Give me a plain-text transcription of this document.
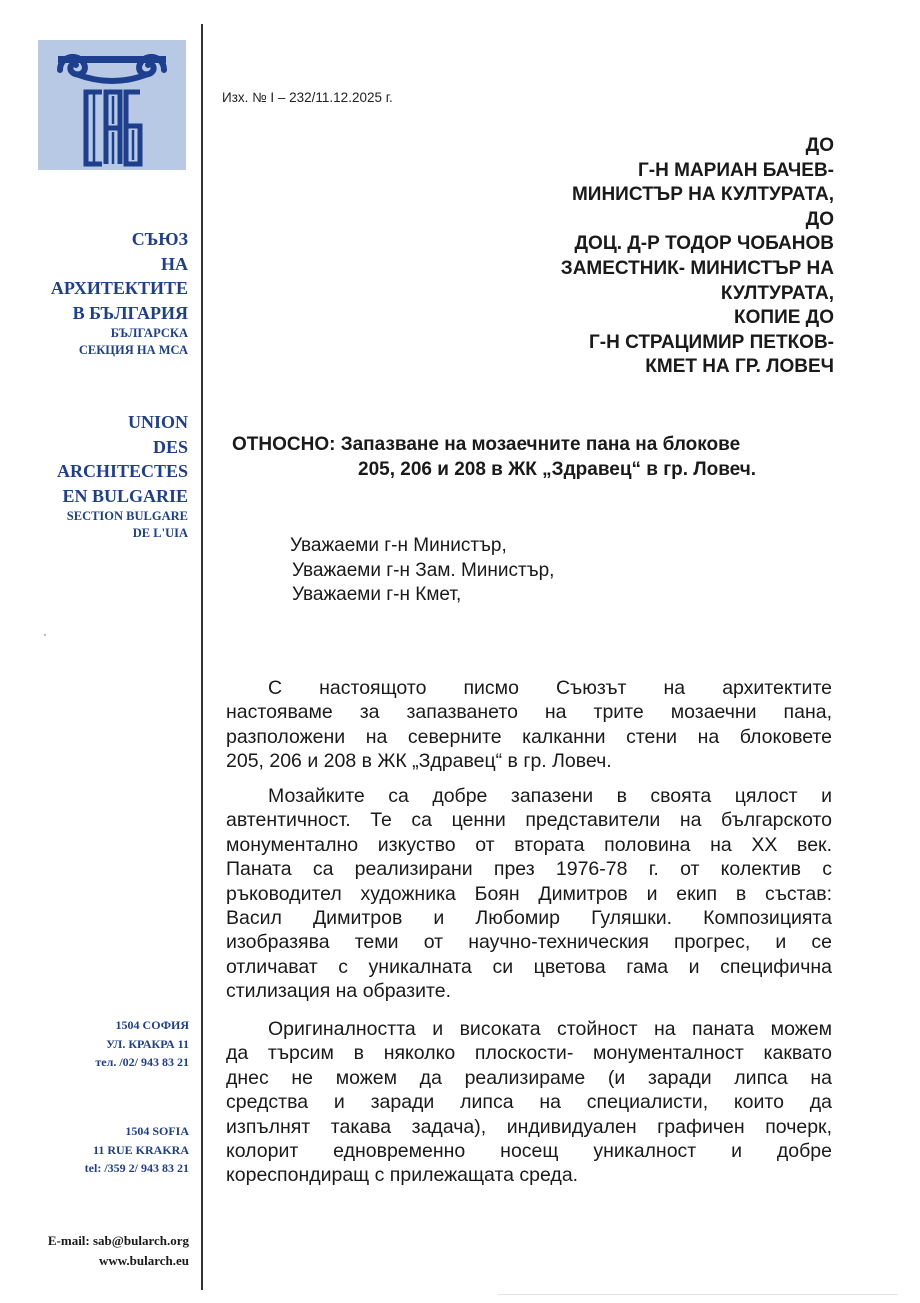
СЪЮЗ
НА
АРХИТЕКТИТЕ
В БЪЛГАРИЯ
БЪЛГАРСКА
СЕКЦИЯ НА МСА
UNION
DES
ARCHITECTES
EN BULGARIE
SECTION BULGARE
DE L'UIA
1504 СОФИЯ
УЛ. КРАКРА 11
тел. /02/ 943 83 21
1504 SOFIA
11 RUE KRAKRA
tel: /359 2/ 943 83 21
E-mail: sab@bularch.org
www.bularch.eu
Изх. № I – 232/11.12.2025 г.
ДО
Г-Н МАРИАН БАЧЕВ-
МИНИСТЪР НА КУЛТУРАТА,
ДО
ДОЦ. Д-Р ТОДОР ЧОБАНОВ
ЗАМЕСТНИК- МИНИСТЪР НА
КУЛТУРАТА,
КОПИЕ ДО
Г-Н СТРАЦИМИР ПЕТКОВ-
КМЕТ НА ГР. ЛОВЕЧ
ОТНОСНО: Запазване на мозаечните пана на блокове
205, 206 и 208 в ЖК „Здравец“ в гр. Ловеч.
Уважаеми г-н Министър,
Уважаеми г-н Зам. Министър,
Уважаеми г-н Кмет,
С настоящото писмо Съюзът на архитектите
настояваме за запазването на трите мозаечни пана,
разположени на северните калканни стени на блоковете
205, 206 и 208 в ЖК „Здравец“ в гр. Ловеч.
Мозайките са добре запазени в своята цялост и
автентичност. Те са ценни представители на българското
монументално изкуство от втората половина на ХХ век.
Паната са реализирани през 1976-78 г. от колектив с
ръководител художника Боян Димитров и екип в състав:
Васил Димитров и Любомир Гуляшки. Композицията
изобразява теми от научно-техническия прогрес, и се
отличават с уникалната си цветова гама и специфична
стилизация на образите.
Оригиналността и високата стойност на паната можем
да търсим в няколко плоскости- монументалност каквато
днес не можем да реализираме (и заради липса на
средства и заради липса на специалисти, които да
изпълнят такава задача), индивидуален графичен почерк,
колорит едновременно носещ уникалност и добре
кореспондиращ с прилежащата среда.
